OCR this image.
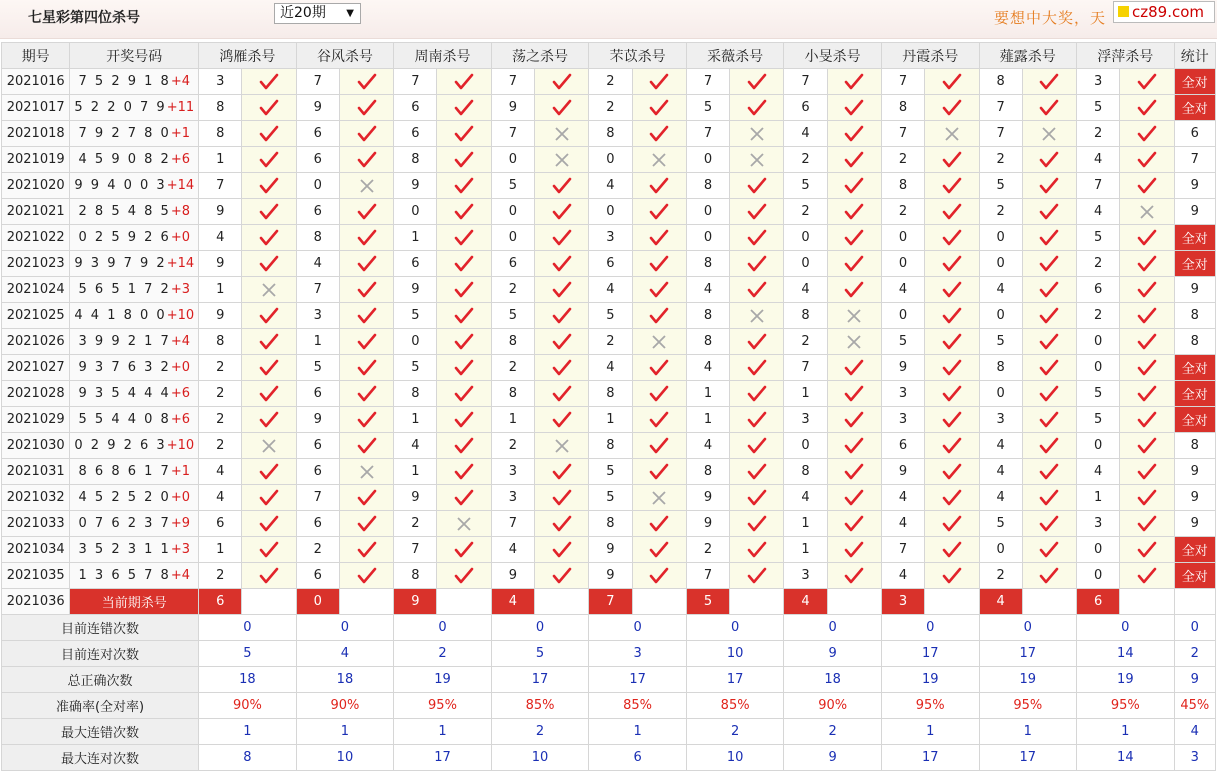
七星彩第四位杀号	近20期 ▼	要想中大奖，天	cz89.com
期号	开奖号码	鸿雁杀号		谷风杀号		周南杀号		荡之杀号		芣苡杀号		采薇杀号		小旻杀号		丹霞杀号		薤露杀号		浮萍杀号		统计
2021016	7 5 2 9 1 8+4	3		7		7		7		2		7		7		7		8		3		全对
2021017	5 2 2 0 7 9+11	8		9		6		9		2		5		6		8		7		5		全对
2021018	7 9 2 7 8 0+1	8		6		6		7		8		7		4		7		7		2		6
2021019	4 5 9 0 8 2+6	1		6		8		0		0		0		2		2		2		4		7
2021020	9 9 4 0 0 3+14	7		0		9		5		4		8		5		8		5		7		9
2021021	2 8 5 4 8 5+8	9		6		0		0		0		0		2		2		2		4		9
2021022	0 2 5 9 2 6+0	4		8		1		0		3		0		0		0		0		5		全对
2021023	9 3 9 7 9 2+14	9		4		6		6		6		8		0		0		0		2		全对
2021024	5 6 5 1 7 2+3	1		7		9		2		4		4		4		4		4		6		9
2021025	4 4 1 8 0 0+10	9		3		5		5		5		8		8		0		0		2		8
2021026	3 9 9 2 1 7+4	8		1		0		8		2		8		2		5		5		0		8
2021027	9 3 7 6 3 2+0	2		5		5		2		4		4		7		9		8		0		全对
2021028	9 3 5 4 4 4+6	2		6		8		8		8		1		1		3		0		5		全对
2021029	5 5 4 4 0 8+6	2		9		1		1		1		1		3		3		3		5		全对
2021030	0 2 9 2 6 3+10	2		6		4		2		8		4		0		6		4		0		8
2021031	8 6 8 6 1 7+1	4		6		1		3		5		8		8		9		4		4		9
2021032	4 5 2 5 2 0+0	4		7		9		3		5		9		4		4		4		1		9
2021033	0 7 6 2 3 7+9	6		6		2		7		8		9		1		4		5		3		9
2021034	3 5 2 3 1 1+3	1		2		7		4		9		2		1		7		0		0		全对
2021035	1 3 6 5 7 8+4	2		6		8		9		9		7		3		4		2		0		全对
2021036	当前期杀号	6		0		9		4		7		5		4		3		4		6		
目前连错次数		0		0		0		0		0		0		0		0		0		0		0
目前连对次数		5		4		2		5		3		10		9		17		17		14		2
总正确次数		18		18		19		17		17		17		18		19		19		19		9
准确率(全对率)		90%		90%		95%		85%		85%		85%		90%		95%		95%		95%		45%
最大连错次数		1		1		1		2		1		2		2		1		1		1		4
最大连对次数		8		10		17		10		6		10		9		17		17		14		3
